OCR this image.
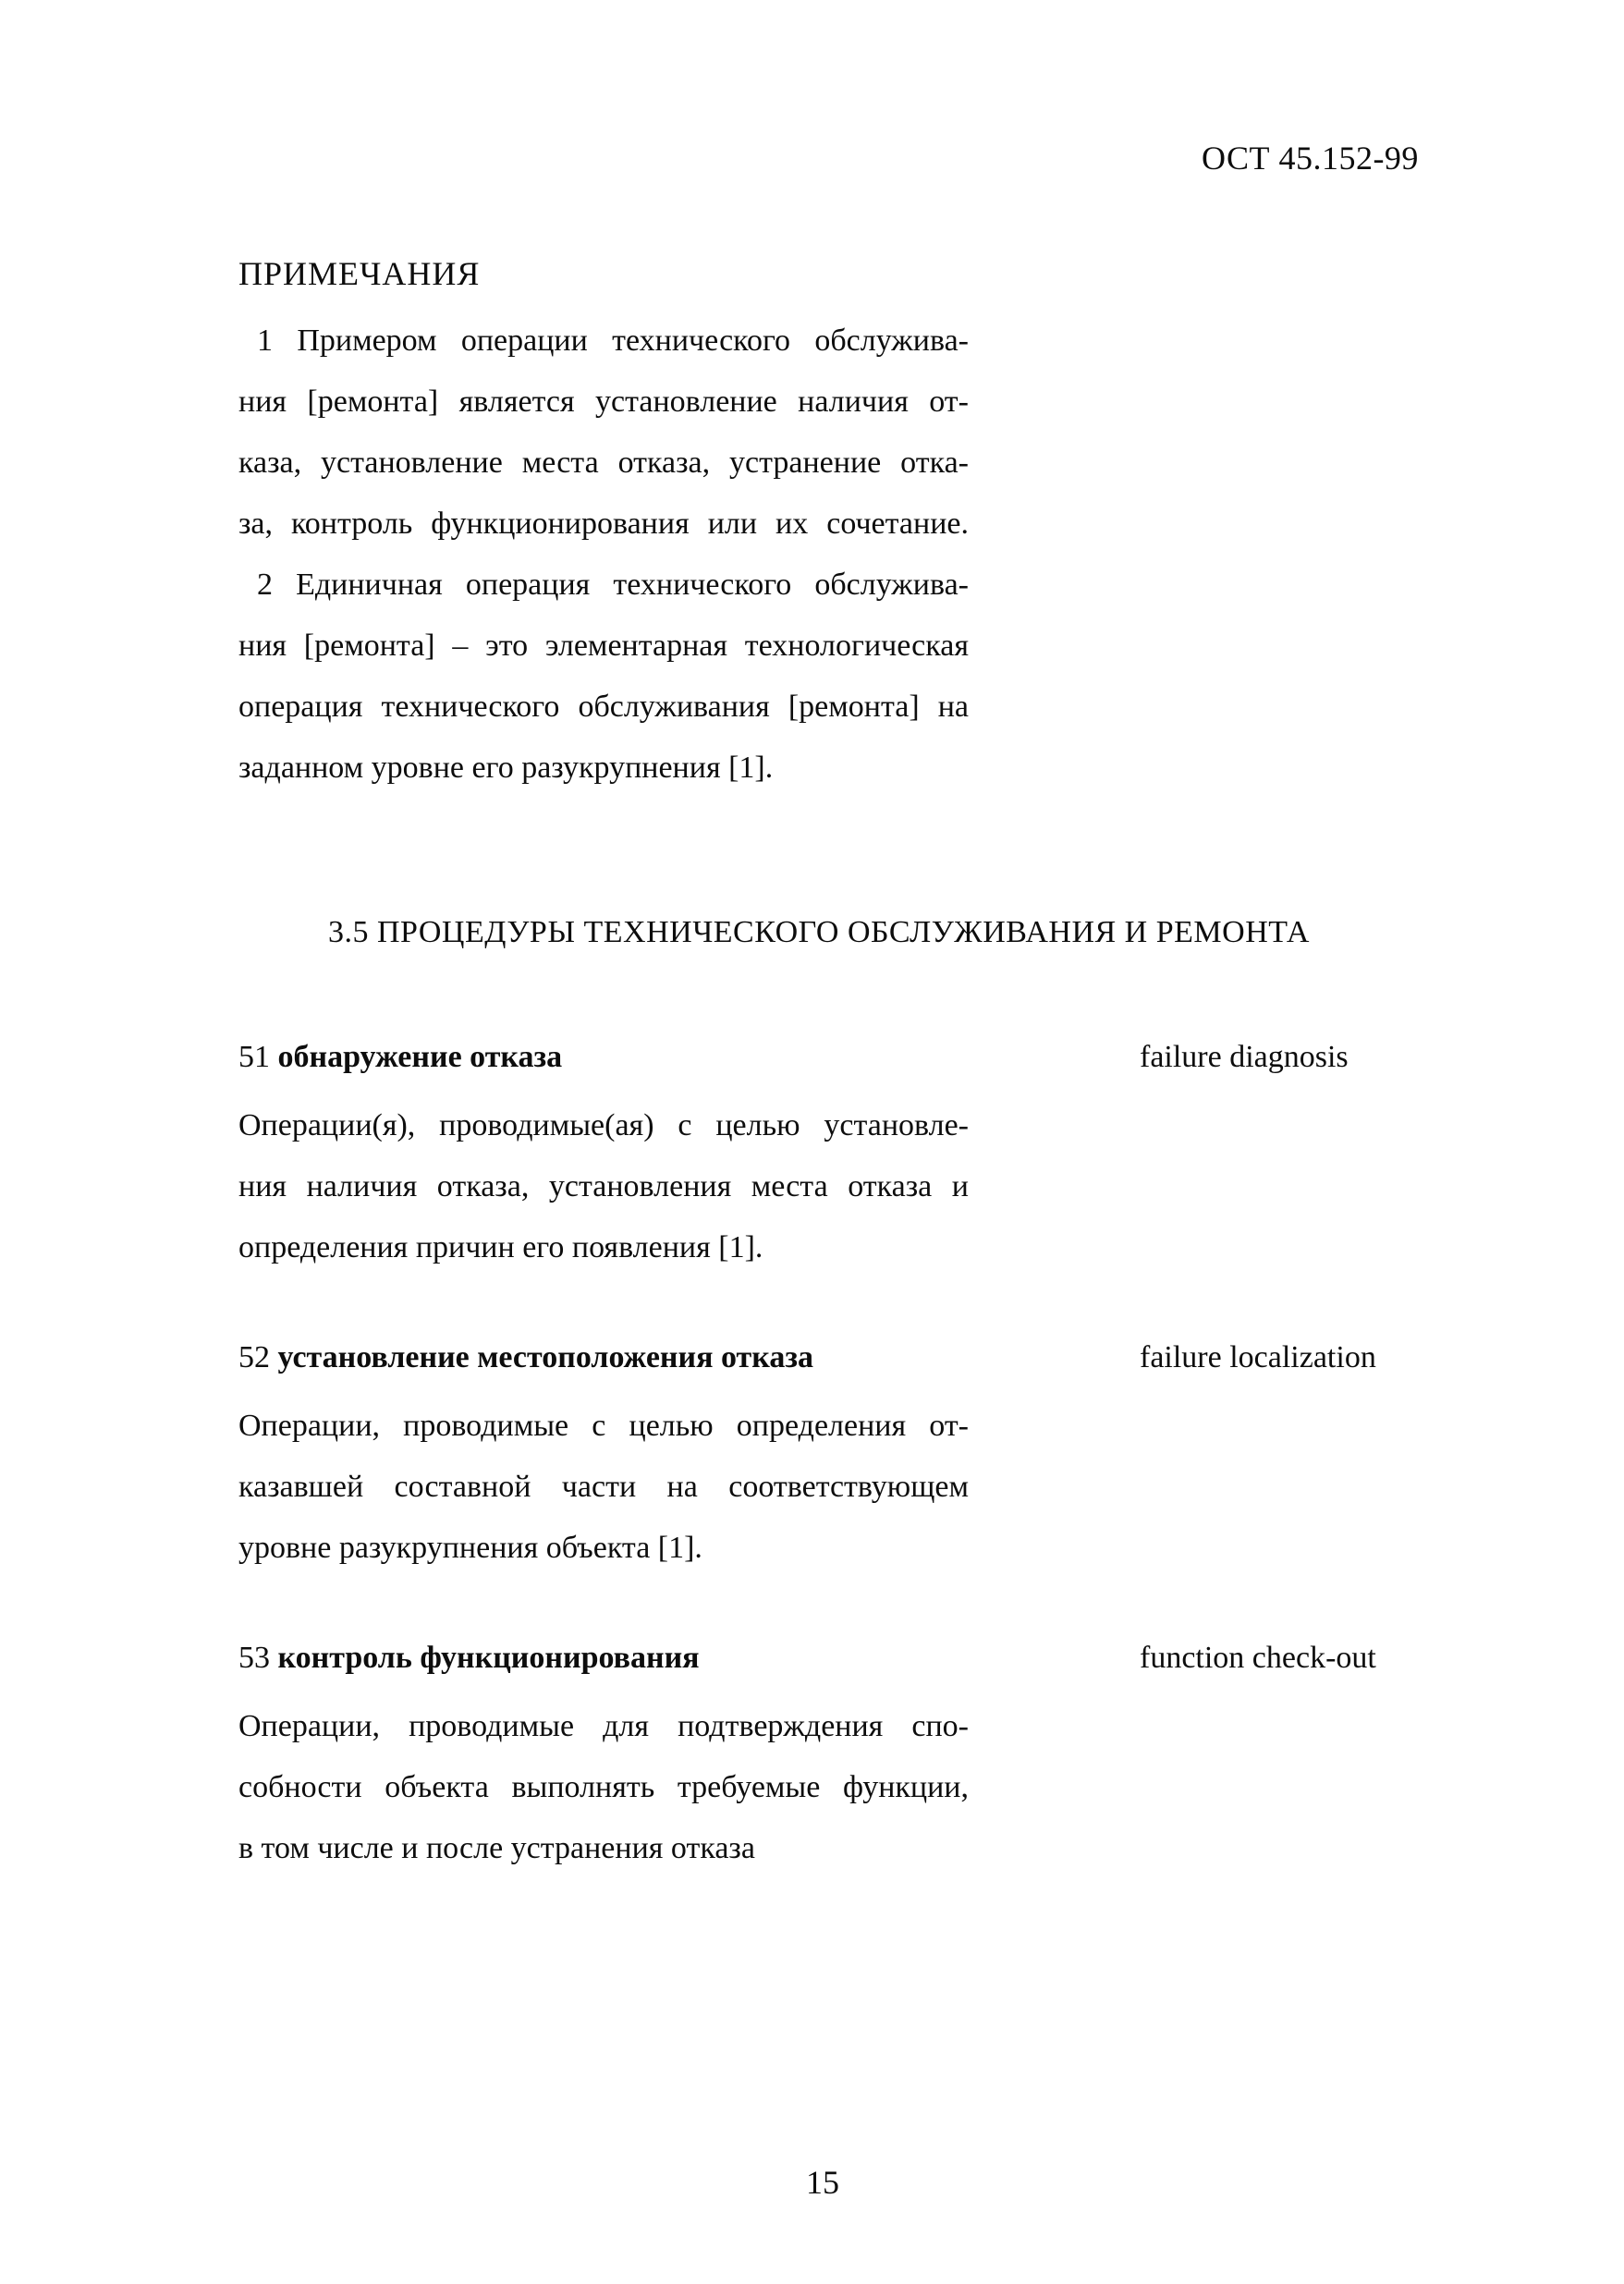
ОСТ 45.152-99
ПРИМЕЧАНИЯ
1 Примером операции технического обслужива-
ния [ремонта] является установление наличия от-
каза, установление места отказа, устранение отка-
за, контроль функционирования или их сочетание.
2 Единичная операция технического обслужива-
ния [ремонта] – это элементарная технологическая
операция технического обслуживания [ремонта] на
заданном уровне его разукрупнения [1].
3.5 ПРОЦЕДУРЫ ТЕХНИЧЕСКОГО ОБСЛУЖИВАНИЯ И РЕМОНТА
51 обнаружение отказа	failure diagnosis
Операции(я), проводимые(ая) с целью установле-
ния наличия отказа, установления места отказа и
определения причин его появления [1].
52 установление местоположения отказа	failure localization
Операции, проводимые с целью определения от-
казавшей составной части на соответствующем
уровне разукрупнения объекта [1].
53 контроль функционирования	function check-out
Операции, проводимые для подтверждения спо-
собности объекта выполнять требуемые функции,
в том числе и после устранения отказа
15
